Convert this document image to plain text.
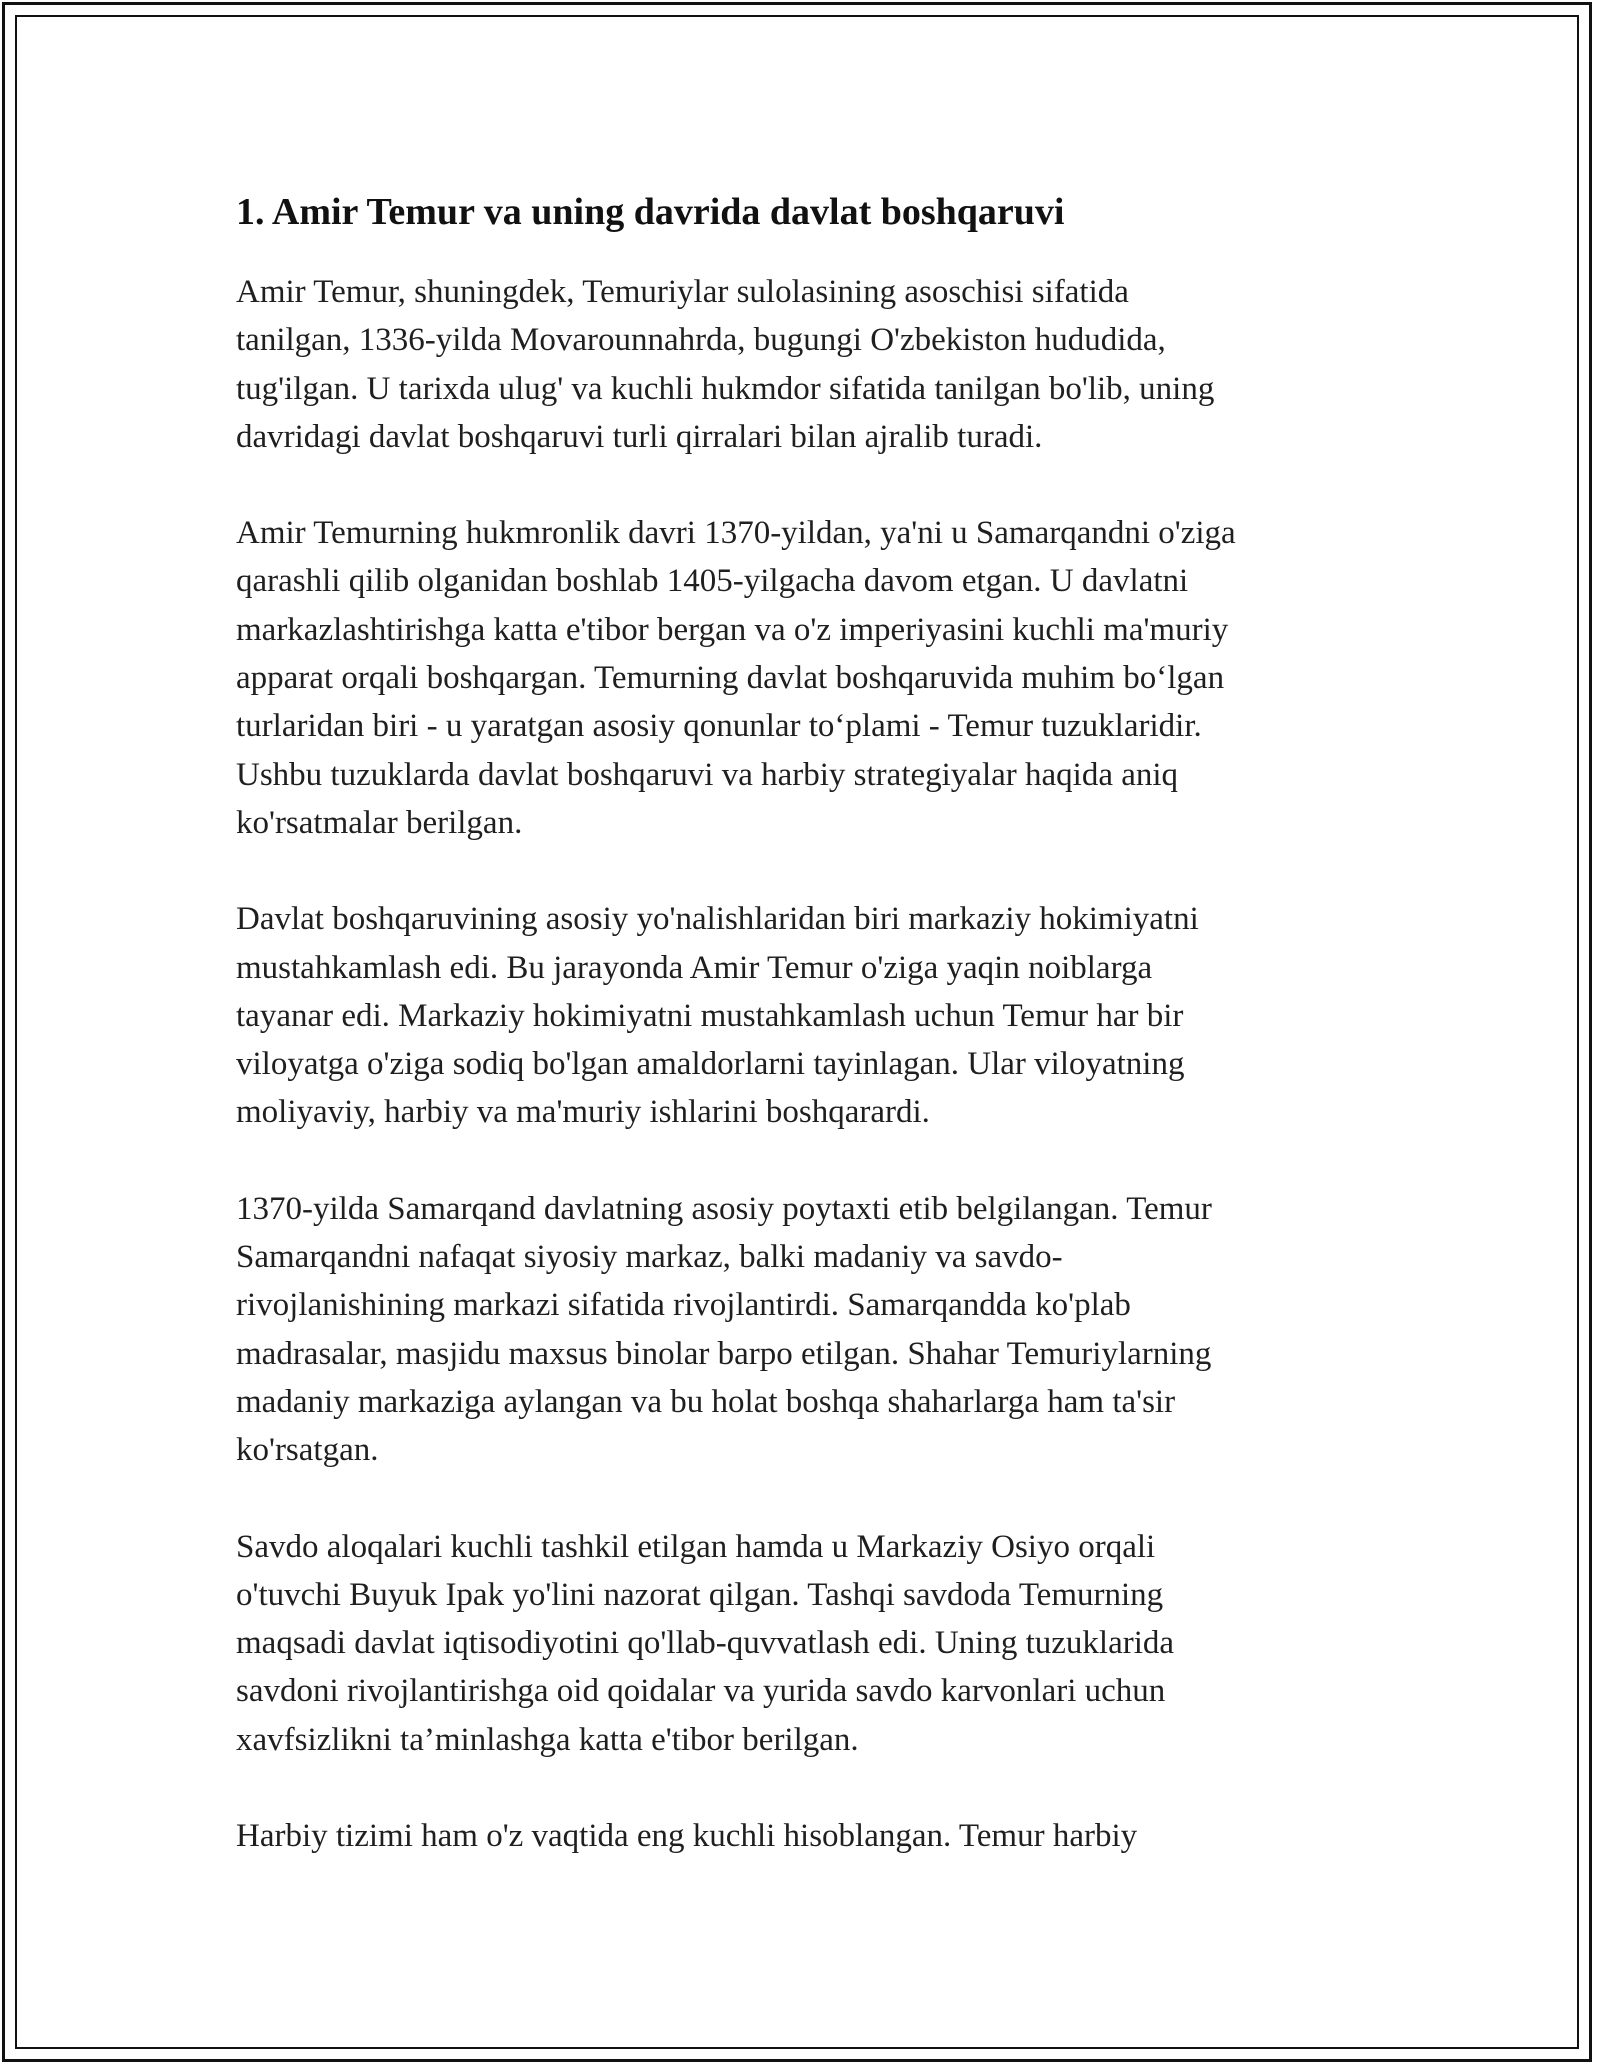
1. Amir Temur va uning davrida davlat boshqaruvi

Amir Temur, shuningdek, Temuriylar sulolasining asoschisi sifatida
tanilgan, 1336-yilda Movarounnahrda, bugungi O'zbekiston hududida,
tug'ilgan. U tarixda ulug' va kuchli hukmdor sifatida tanilgan bo'lib, uning
davridagi davlat boshqaruvi turli qirralari bilan ajralib turadi.

Amir Temurning hukmronlik davri 1370-yildan, ya'ni u Samarqandni o'ziga
qarashli qilib olganidan boshlab 1405-yilgacha davom etgan. U davlatni
markazlashtirishga katta e'tibor bergan va o'z imperiyasini kuchli ma'muriy
apparat orqali boshqargan. Temurning davlat boshqaruvida muhim bo‘lgan
turlaridan biri - u yaratgan asosiy qonunlar to‘plami - Temur tuzuklaridir.
Ushbu tuzuklarda davlat boshqaruvi va harbiy strategiyalar haqida aniq
ko'rsatmalar berilgan.

Davlat boshqaruvining asosiy yo'nalishlaridan biri markaziy hokimiyatni
mustahkamlash edi. Bu jarayonda Amir Temur o'ziga yaqin noiblarga
tayanar edi. Markaziy hokimiyatni mustahkamlash uchun Temur har bir
viloyatga o'ziga sodiq bo'lgan amaldorlarni tayinlagan. Ular viloyatning
moliyaviy, harbiy va ma'muriy ishlarini boshqarardi.

1370-yilda Samarqand davlatning asosiy poytaxti etib belgilangan. Temur
Samarqandni nafaqat siyosiy markaz, balki madaniy va savdo-
rivojlanishining markazi sifatida rivojlantirdi. Samarqandda ko'plab
madrasalar, masjidu maxsus binolar barpo etilgan. Shahar Temuriylarning
madaniy markaziga aylangan va bu holat boshqa shaharlarga ham ta'sir
ko'rsatgan.

Savdo aloqalari kuchli tashkil etilgan hamda u Markaziy Osiyo orqali
o'tuvchi Buyuk Ipak yo'lini nazorat qilgan. Tashqi savdoda Temurning
maqsadi davlat iqtisodiyotini qo'llab-quvvatlash edi. Uning tuzuklarida
savdoni rivojlantirishga oid qoidalar va yurida savdo karvonlari uchun
xavfsizlikni ta’minlashga katta e'tibor berilgan.

Harbiy tizimi ham o'z vaqtida eng kuchli hisoblangan. Temur harbiy
